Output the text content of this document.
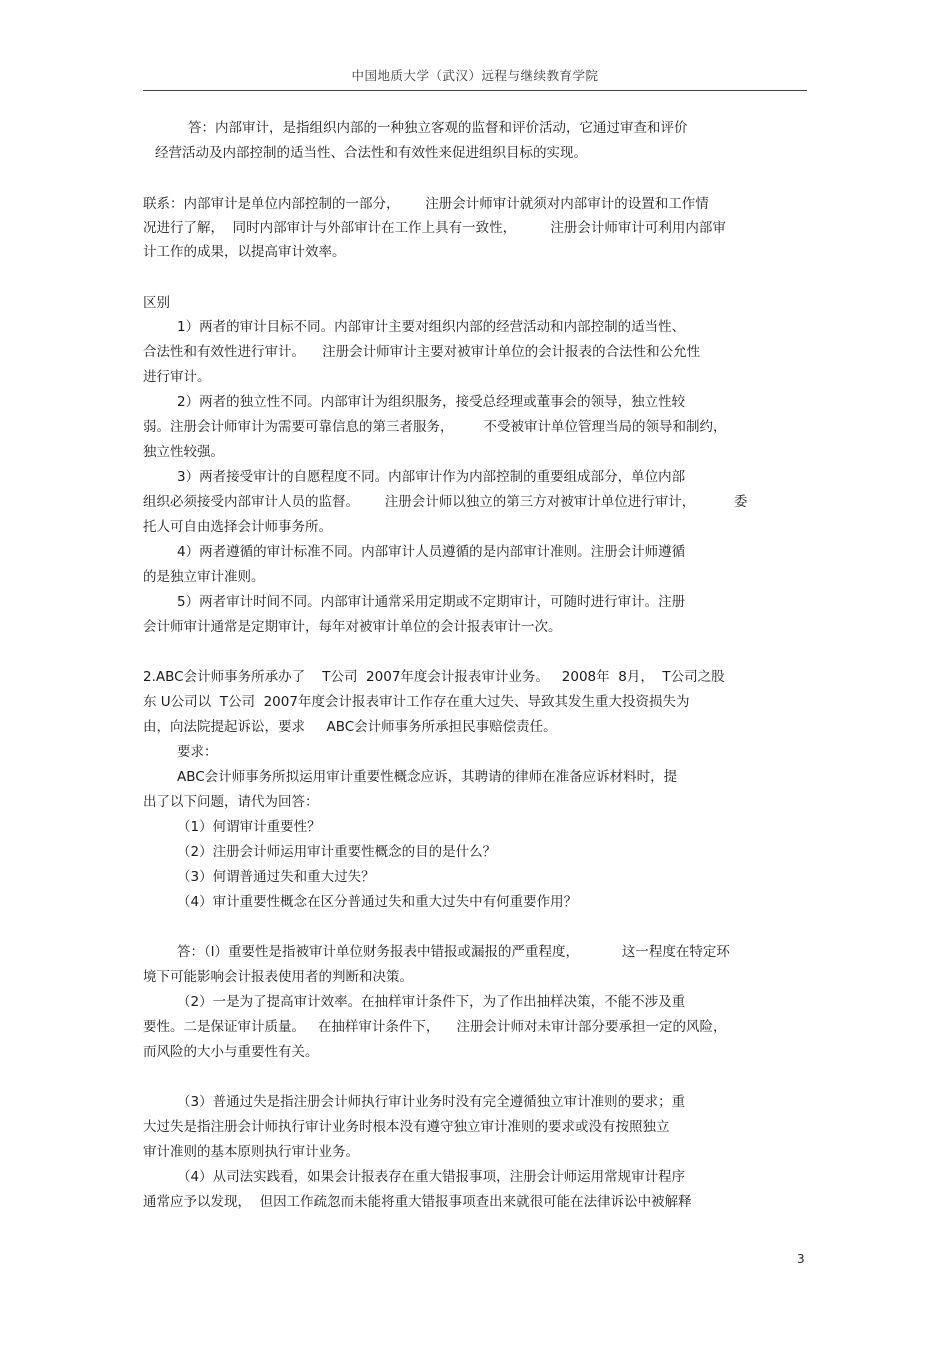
中国地质大学（武汉）远程与继续教育学院
答：内部审计，是指组织内部的一种独立客观的监督和评价活动，它通过审查和评价
经营活动及内部控制的适当性、合法性和有效性来促进组织目标的实现。
联系：内部审计是单位内部控制的一部分，      注册会计师审计就须对内部审计的设置和工作情
况进行了解，  同时内部审计与外部审计在工作上具有一致性，        注册会计师审计可利用内部审
计工作的成果，以提高审计效率。
区别
1）两者的审计目标不同。内部审计主要对组织内部的经营活动和内部控制的适当性、
合法性和有效性进行审计。    注册会计师审计主要对被审计单位的会计报表的合法性和公允性
进行审计。
2）两者的独立性不同。内部审计为组织服务，接受总经理或董事会的领导，独立性较
弱。注册会计师审计为需要可靠信息的第三者服务，       不受被审计单位管理当局的领导和制约，
独立性较强。
3）两者接受审计的自愿程度不同。内部审计作为内部控制的重要组成部分，单位内部
组织必须接受内部审计人员的监督。      注册会计师以独立的第三方对被审计单位进行审计，         委
托人可自由选择会计师事务所。
4）两者遵循的审计标准不同。内部审计人员遵循的是内部审计准则。注册会计师遵循
的是独立审计准则。
5）两者审计时间不同。内部审计通常采用定期或不定期审计，可随时进行审计。注册
会计师审计通常是定期审计，每年对被审计单位的会计报表审计一次。
2.ABC会计师事务所承办了    T公司  2007年度会计报表审计业务。   2008年  8月，  T公司之股
东 U公司以  T公司  2007年度会计报表审计工作存在重大过失、导致其发生重大投资损失为
由，向法院提起诉讼，要求     ABC会计师事务所承担民事赔偿责任。
要求：
ABC会计师事务所拟运用审计重要性概念应诉，其聘请的律师在准备应诉材料时，提
出了以下问题，请代为回答：
（1）何谓审计重要性？
（2）注册会计师运用审计重要性概念的目的是什么？
（3）何谓普通过失和重大过失？
（4）审计重要性概念在区分普通过失和重大过失中有何重要作用？
答：（l）重要性是指被审计单位财务报表中错报或漏报的严重程度，          这一程度在特定环
境下可能影响会计报表使用者的判断和决策。
（2）一是为了提高审计效率。在抽样审计条件下，为了作出抽样决策，不能不涉及重
要性。二是保证审计质量。   在抽样审计条件下，    注册会计师对未审计部分要承担一定的风险，
而风险的大小与重要性有关。
（3）普通过失是指注册会计师执行审计业务时没有完全遵循独立审计准则的要求；重
大过失是指注册会计师执行审计业务时根本没有遵守独立审计准则的要求或没有按照独立
审计准则的基本原则执行审计业务。
（4）从司法实践看，如果会计报表存在重大错报事项，注册会计师运用常规审计程序
通常应予以发现，  但因工作疏忽而未能将重大错报事项查出来就很可能在法律诉讼中被解释
3
